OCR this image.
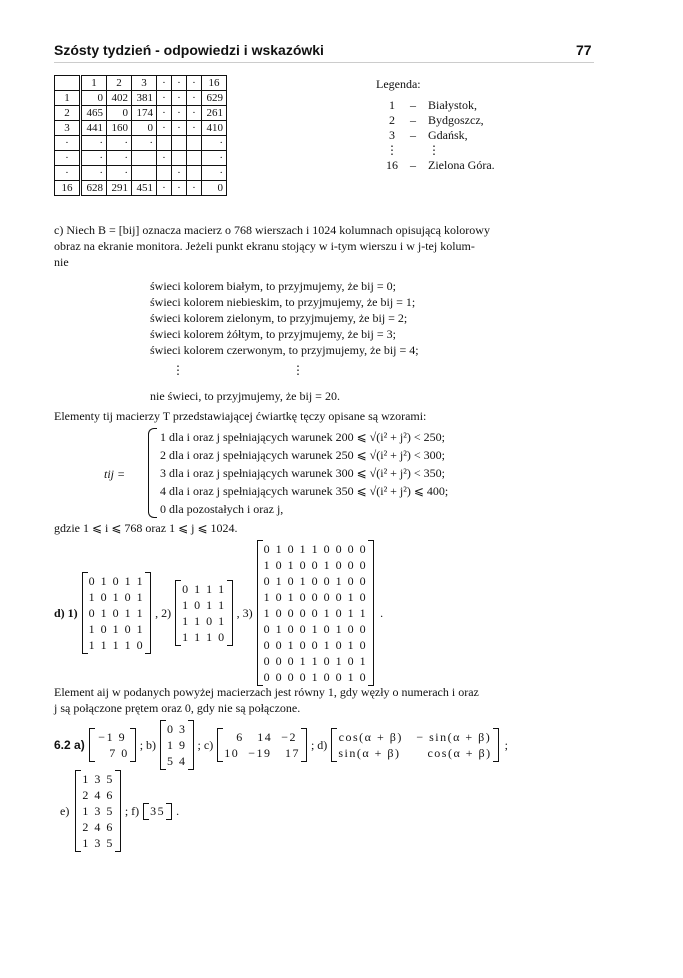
Szósty tydzień - odpowiedzi i wskazówki	77
	1	2	3	·	·	·	16
1	0	402	381	·	·	·	629
2	465	0	174	·	·	·	261
3	441	160	0	·	·	·	410
·	·	·	·				·
·	·	·		·			·
·	·	·			·		·
16	628	291	451	·	·	·	0
Legenda:
1	–	Białystok,
2	–	Bydgoszcz,
3	–	Gdańsk,
⋮		⋮
16	–	Zielona Góra.
c) Niech B = [bij] oznacza macierz o 768 wierszach i 1024 kolumnach opisującą kolorowy
obraz na ekranie monitora. Jeżeli punkt ekranu stojący w i-tym wierszu i w j-tej kolum-
nie
świeci kolorem białym, to przyjmujemy, że bij = 0;
świeci kolorem niebieskim, to przyjmujemy, że bij = 1;
świeci kolorem zielonym, to przyjmujemy, że bij = 2;
świeci kolorem żółtym, to przyjmujemy, że bij = 3;
świeci kolorem czerwonym, to przyjmujemy, że bij = 4;
⋮                                    ⋮
nie świeci, to przyjmujemy, że bij = 20.
Elementy tij macierzy T przedstawiającej ćwiartkę tęczy opisane są wzorami:
tij =
1 dla i oraz j spełniających warunek 200 ⩽ √(i² + j²) < 250;
2 dla i oraz j spełniających warunek 250 ⩽ √(i² + j²) < 300;
3 dla i oraz j spełniających warunek 300 ⩽ √(i² + j²) < 350;
4 dla i oraz j spełniających warunek 350 ⩽ √(i² + j²) ⩽ 400;
0 dla pozostałych i oraz j,
gdzie 1 ⩽ i ⩽ 768 oraz 1 ⩽ j ⩽ 1024.
d) 1)
0 1 0 1 1
1 0 1 0 1
0 1 0 1 1
1 0 1 0 1
1 1 1 1 0
, 2)
0 1 1 1
1 0 1 1
1 1 0 1
1 1 1 0
, 3)
0 1 0 1 1 0 0 0 0
1 0 1 0 0 1 0 0 0
0 1 0 1 0 0 1 0 0
1 0 1 0 0 0 0 1 0
1 0 0 0 0 1 0 1 1
0 1 0 0 1 0 1 0 0
0 0 1 0 0 1 0 1 0
0 0 0 1 1 0 1 0 1
0 0 0 0 1 0 0 1 0
.
Element aij w podanych powyżej macierzach jest równy 1, gdy węzły o numerach i oraz
j są połączone prętem oraz 0, gdy nie są połączone.
6.2 a)
−1 9
7 0
; b)
0 3
1 9
5 4
; c)
6   14  −2
10  −19   17
; d)
cos(α + β)   − sin(α + β)
sin(α + β)      cos(α + β)
;
e)
1 3 5
2 4 6
1 3 5
2 4 6
1 3 5
; f) 35 .
